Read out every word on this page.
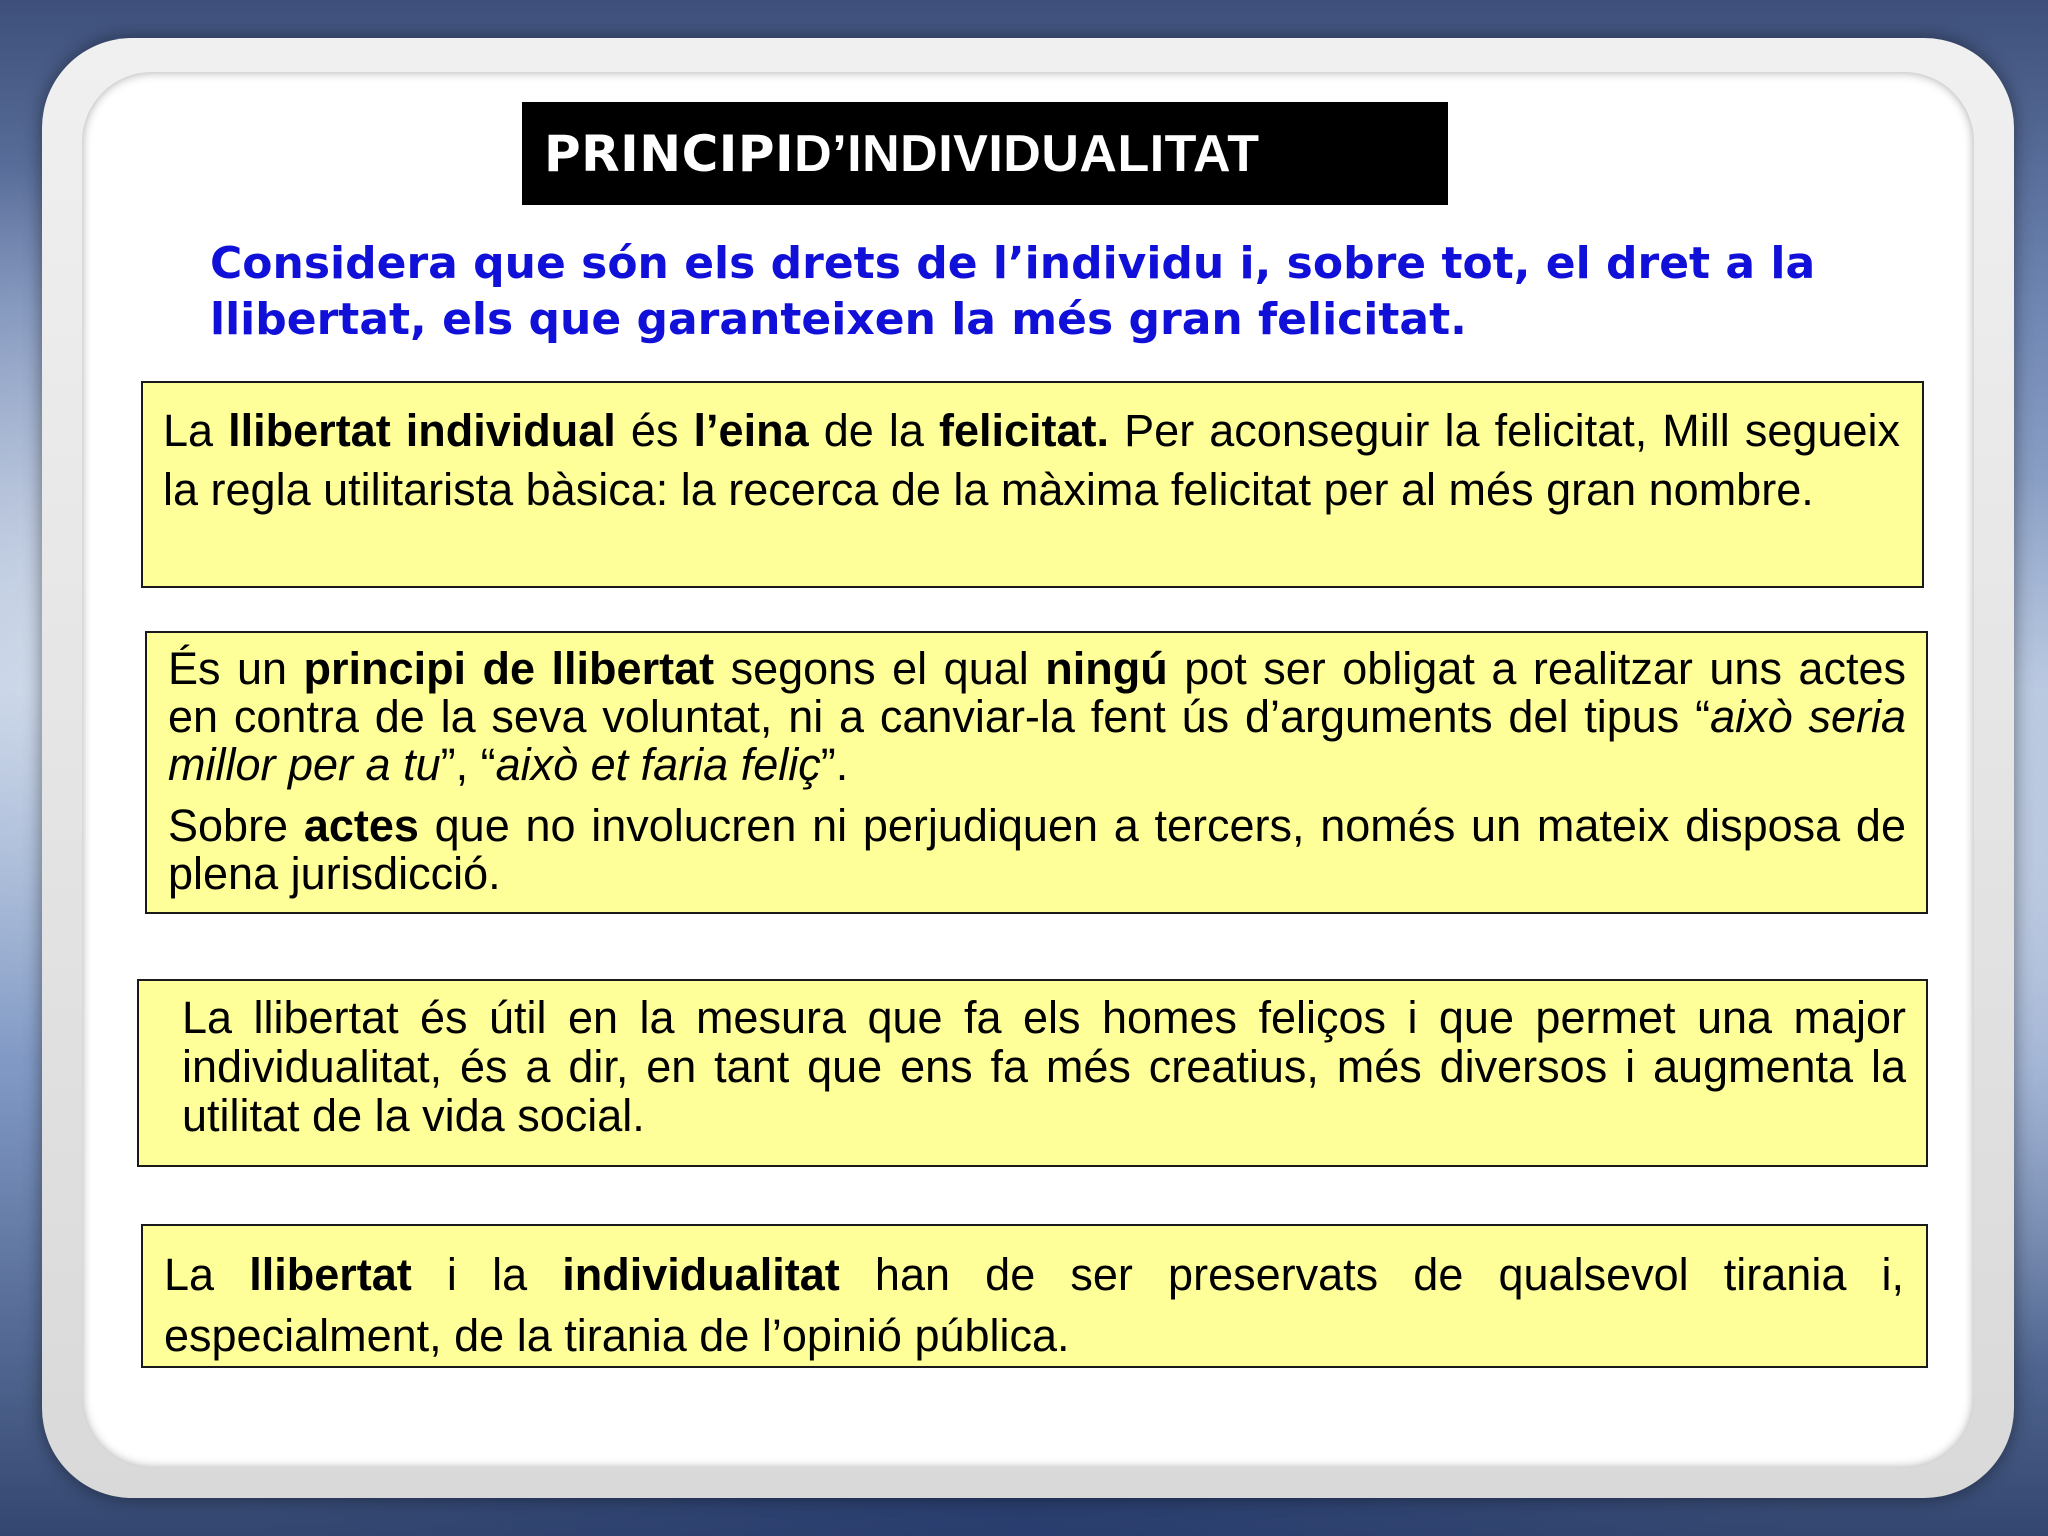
PRINCIPI D’INDIVIDUALITAT

Considera que són els drets de l’individu i, sobre tot, el dret a la llibertat, els que garanteixen la més gran felicitat.

La llibertat individual és l’eina de la felicitat. Per aconseguir la felicitat, Mill segueix la regla utilitarista bàsica: la recerca de la màxima felicitat per al més gran nombre.

És un principi de llibertat segons el qual ningú pot ser obligat a realitzar uns actes en contra de la seva voluntat, ni a canviar-la fent ús d’arguments del tipus “això seria millor per a tu”, “això et faria feliç”.

Sobre actes que no involucren ni perjudiquen a tercers, només un mateix disposa de plena jurisdicció.

La llibertat és útil en la mesura que fa els homes feliços i que permet una major individualitat, és a dir, en tant que ens fa més creatius, més diversos i augmenta la utilitat de la vida social.

La llibertat i la individualitat han de ser preservats de qualsevol tirania i, especialment, de la tirania de l’opinió pública.
